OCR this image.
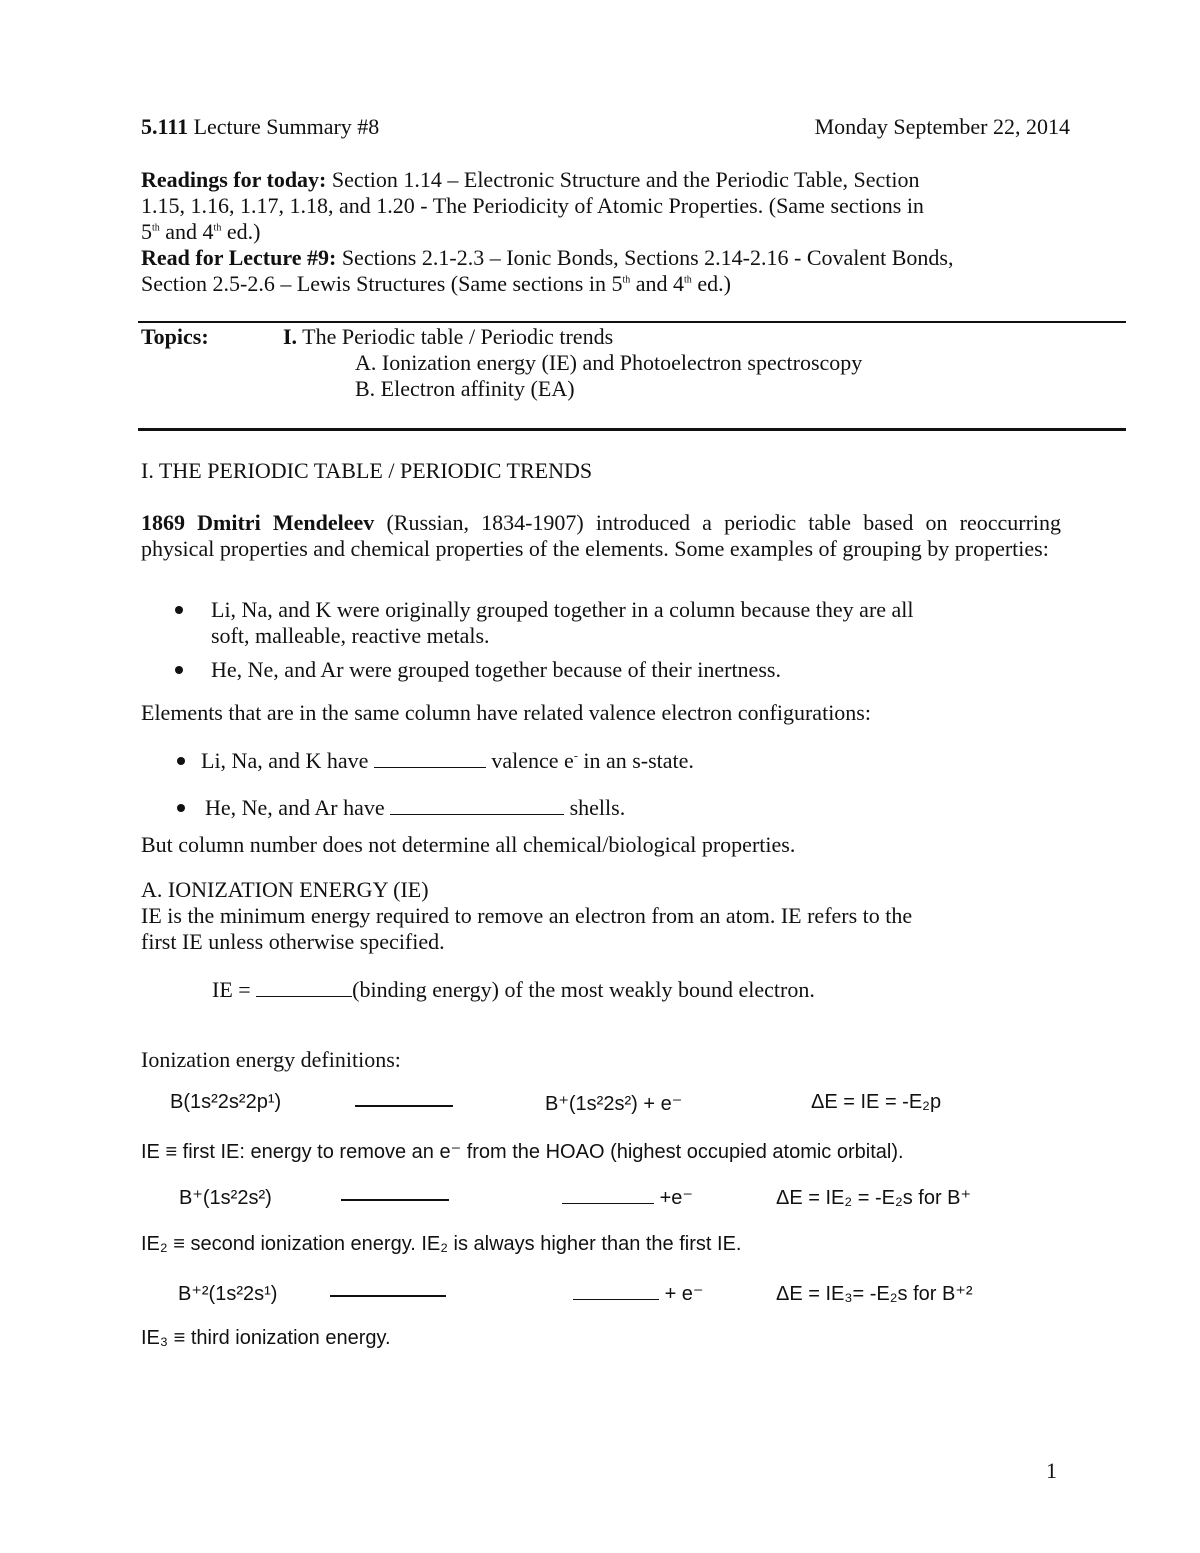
5.111 Lecture Summary #8	Monday September 22, 2014
Readings for today: Section 1.14 – Electronic Structure and the Periodic Table, Section
1.15, 1.16, 1.17, 1.18, and 1.20 - The Periodicity of Atomic Properties. (Same sections in
5th and 4th ed.)
Read for Lecture #9: Sections 2.1-2.3 – Ionic Bonds, Sections 2.14-2.16 - Covalent Bonds,
Section 2.5-2.6 – Lewis Structures (Same sections in 5th and 4th ed.)
Topics:	I. The Periodic table / Periodic trends
A. Ionization energy (IE) and Photoelectron spectroscopy
B. Electron affinity (EA)
I. THE PERIODIC TABLE / PERIODIC TRENDS
1869 Dmitri Mendeleev (Russian, 1834-1907) introduced a periodic table based on reoccurring physical properties and chemical properties of the elements. Some examples of grouping by properties:
Li, Na, and K were originally grouped together in a column because they are all
soft, malleable, reactive metals.
He, Ne, and Ar were grouped together because of their inertness.
Elements that are in the same column have related valence electron configurations:
Li, Na, and K have	valence e- in an s-state.
He, Ne, and Ar have	shells.
But column number does not determine all chemical/biological properties.
A. IONIZATION ENERGY (IE)
IE is the minimum energy required to remove an electron from an atom. IE refers to the
first IE unless otherwise specified.
IE =	(binding energy) of the most weakly bound electron.
Ionization energy definitions:
B(1s²2s²2p¹)	B⁺(1s²2s²) + e⁻	ΔE = IE = -E₂p
IE ≡ first IE: energy to remove an e⁻ from the HOAO (highest occupied atomic orbital).
B⁺(1s²2s²)	+e⁻	ΔE = IE₂ = -E₂s for B⁺
IE₂ ≡ second ionization energy. IE₂ is always higher than the first IE.
B⁺²(1s²2s¹)	+ e⁻	ΔE = IE₃= -E₂s for B⁺²
IE₃ ≡ third ionization energy.
1
